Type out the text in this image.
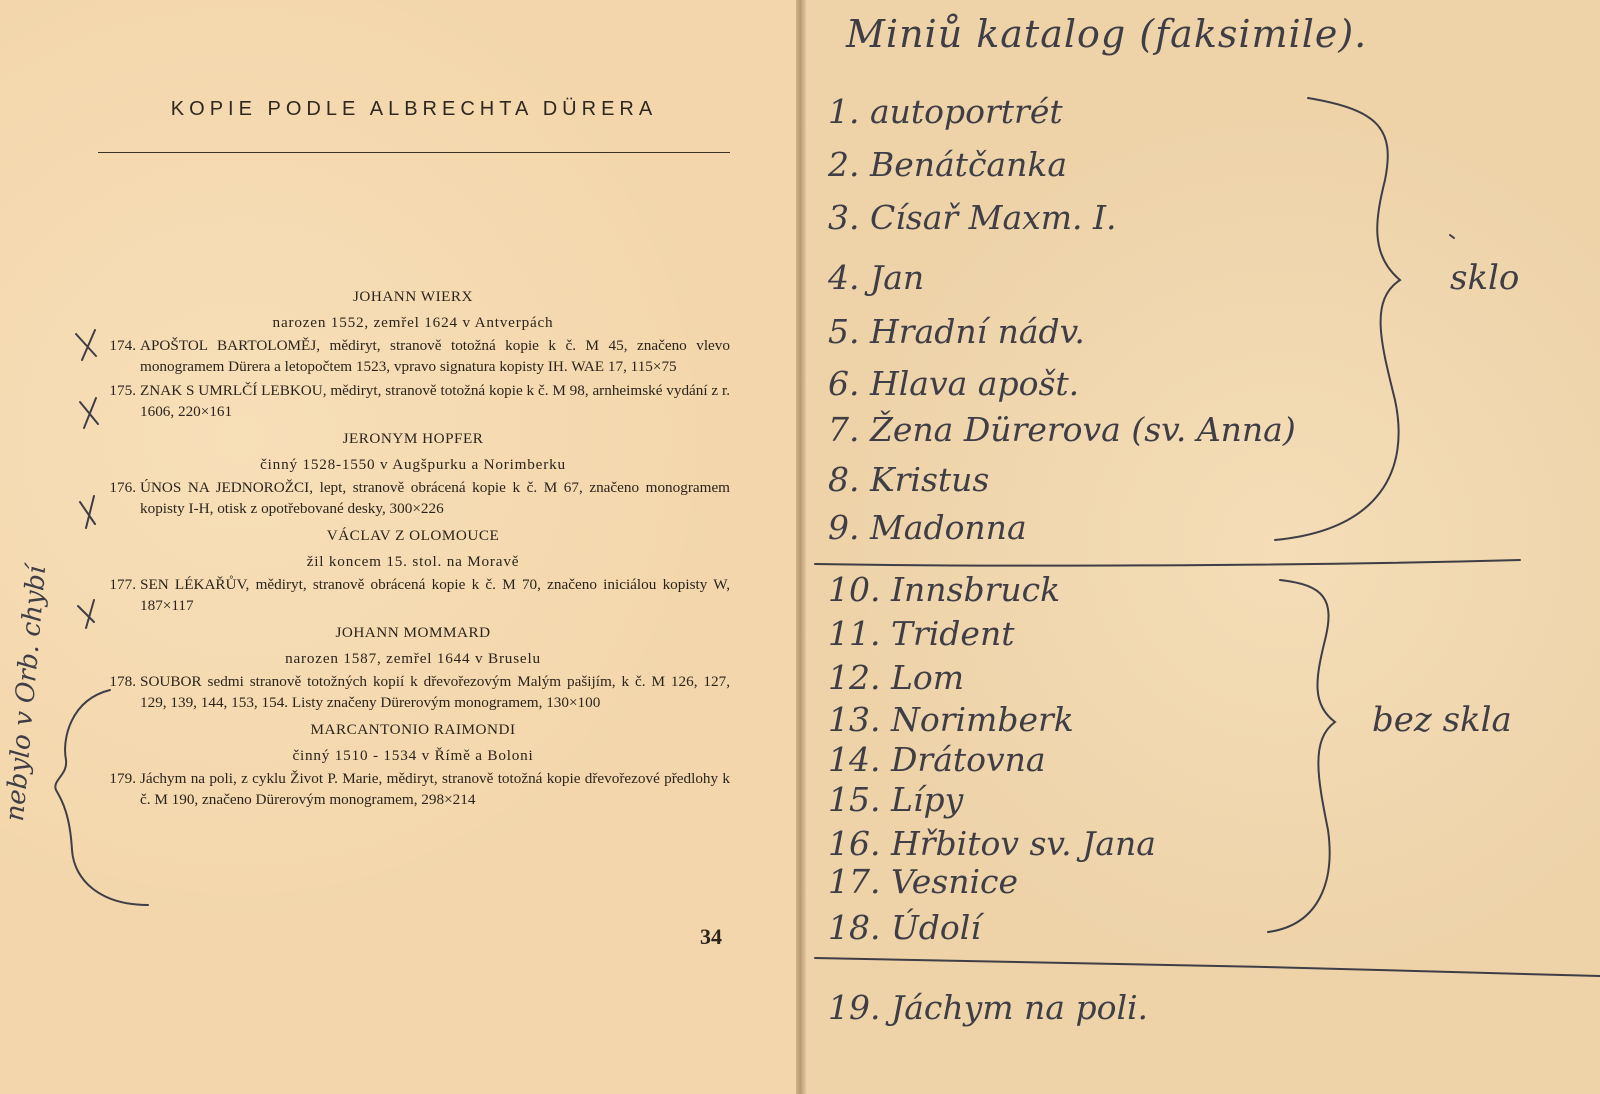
KOPIE PODLE ALBRECHTA DÜRERA
JOHANN WIERX
narozen 1552, zemřel 1624 v Antverpách
174. APOŠTOL BARTOLOMĚJ, mědiryt, stranově totožná kopie k č. M 45, značeno vlevo monogramem Dürera a letopočtem 1523, vpravo signatura kopisty IH. WAE 17, 115×75
175. ZNAK S UMRLČÍ LEBKOU, mědiryt, stranově totožná kopie k č. M 98, arnheimské vydání z r. 1606, 220×161
JERONYM HOPFER
činný 1528-1550 v Augšpurku a Norimberku
176. ÚNOS NA JEDNOROŽCI, lept, stranově obrácená kopie k č. M 67, značeno monogramem kopisty I-H, otisk z opotřebované desky, 300×226
VÁCLAV Z OLOMOUCE
žil koncem 15. stol. na Moravě
177. SEN LÉKAŘŮV, mědiryt, stranově obrácená kopie k č. M 70, značeno iniciálou kopisty W, 187×117
JOHANN MOMMARD
narozen 1587, zemřel 1644 v Bruselu
178. SOUBOR sedmi stranově totožných kopií k dřevořezovým Malým pašijím, k č. M 126, 127, 129, 139, 144, 153, 154. Listy značeny Dürerovým monogramem, 130×100
MARCANTONIO RAIMONDI
činný 1510 - 1534 v Římě a Boloni
179. Jáchym na poli, z cyklu Život P. Marie, mědiryt, stranově totožná kopie dřevořezové předlohy k č. M 190, značeno Dürerovým monogramem, 298×214
34
Miniů katalog (faksimile).
1. autoportrét
2. Benátčanka
3. Císař Maxm. I.
4. Jan
5. Hradní nádv.
6. Hlava apošt.
7. Žena Dürerova (sv. Anna)
8. Kristus
9. Madonna
10. Innsbruck
11. Trident
12. Lom
13. Norimberk
14. Drátovna
15. Lípy
16. Hřbitov sv. Jana
17. Vesnice
18. Údolí
19. Jáchym na poli.
sklo
bez skla
nebylo v Orb. chybí
